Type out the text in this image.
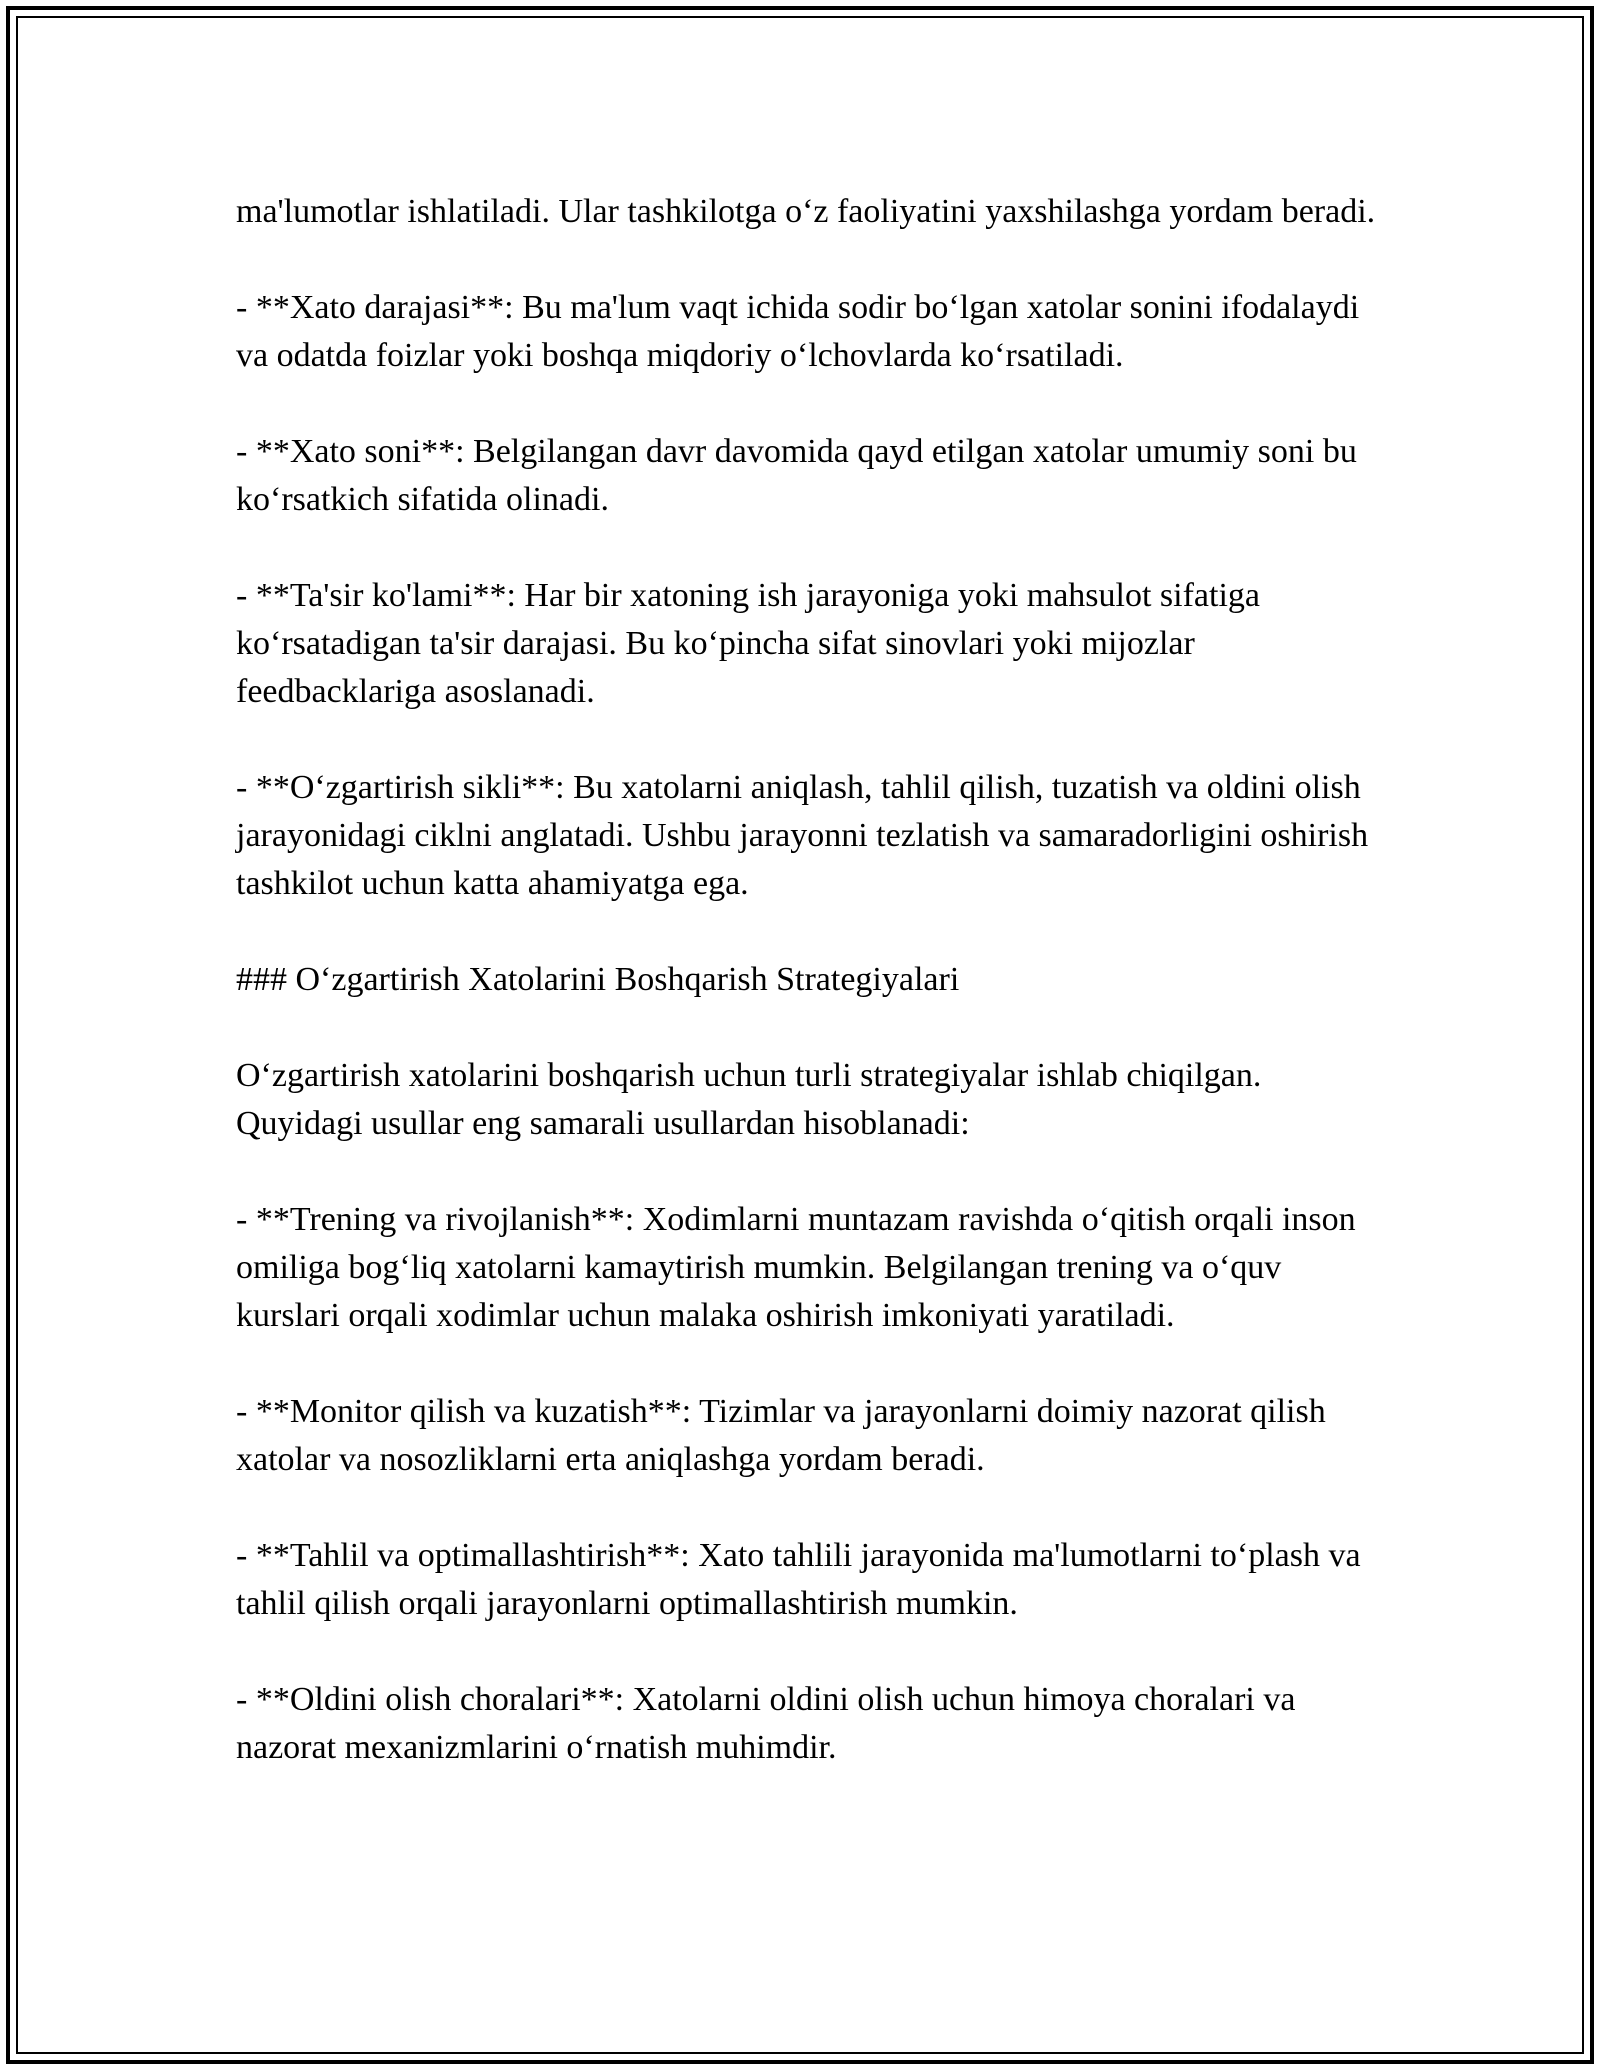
ma'lumotlar ishlatiladi. Ular tashkilotga o‘z faoliyatini yaxshilashga yordam beradi.

- **Xato darajasi**: Bu ma'lum vaqt ichida sodir bo‘lgan xatolar sonini ifodalaydi va odatda foizlar yoki boshqa miqdoriy o‘lchovlarda ko‘rsatiladi.

- **Xato soni**: Belgilangan davr davomida qayd etilgan xatolar umumiy soni bu ko‘rsatkich sifatida olinadi.

- **Ta'sir ko'lami**: Har bir xatoning ish jarayoniga yoki mahsulot sifatiga ko‘rsatadigan ta'sir darajasi. Bu ko‘pincha sifat sinovlari yoki mijozlar feedbacklariga asoslanadi.

- **O‘zgartirish sikli**: Bu xatolarni aniqlash, tahlil qilish, tuzatish va oldini olish jarayonidagi ciklni anglatadi. Ushbu jarayonni tezlatish va samaradorligini oshirish tashkilot uchun katta ahamiyatga ega.

### O‘zgartirish Xatolarini Boshqarish Strategiyalari

O‘zgartirish xatolarini boshqarish uchun turli strategiyalar ishlab chiqilgan. Quyidagi usullar eng samarali usullardan hisoblanadi:

- **Trening va rivojlanish**: Xodimlarni muntazam ravishda o‘qitish orqali inson omiliga bog‘liq xatolarni kamaytirish mumkin. Belgilangan trening va o‘quv kurslari orqali xodimlar uchun malaka oshirish imkoniyati yaratiladi.

- **Monitor qilish va kuzatish**: Tizimlar va jarayonlarni doimiy nazorat qilish xatolar va nosozliklarni erta aniqlashga yordam beradi.

- **Tahlil va optimallashtirish**: Xato tahlili jarayonida ma'lumotlarni to‘plash va tahlil qilish orqali jarayonlarni optimallashtirish mumkin.

- **Oldini olish choralari**: Xatolarni oldini olish uchun himoya choralari va nazorat mexanizmlarini o‘rnatish muhimdir.
